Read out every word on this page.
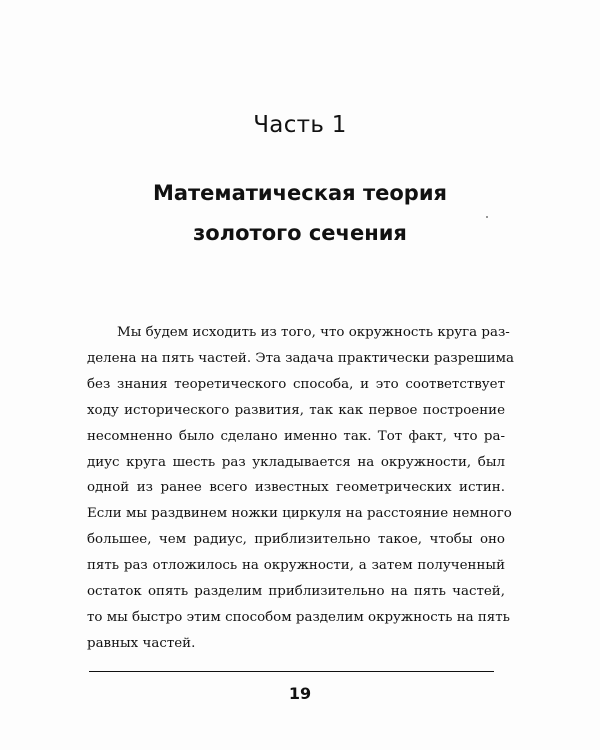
Часть 1
Математическая теория
золотого сечения
Мы будем исходить из того, что окружность круга раз-
делена на пять частей. Эта задача практически разрешима
без знания теоретического способа, и это соответствует
ходу исторического развития, так как первое построение
несомненно было сделано именно так. Тот факт, что ра-
диус круга шесть раз укладывается на окружности, был
одной из ранее всего известных геометрических истин.
Если мы раздвинем ножки циркуля на расстояние немного
большее, чем радиус, приблизительно такое, чтобы оно
пять раз отложилось на окружности, а затем полученный
остаток опять разделим приблизительно на пять частей,
то мы быстро этим способом разделим окружность на пять
равных частей.
19
